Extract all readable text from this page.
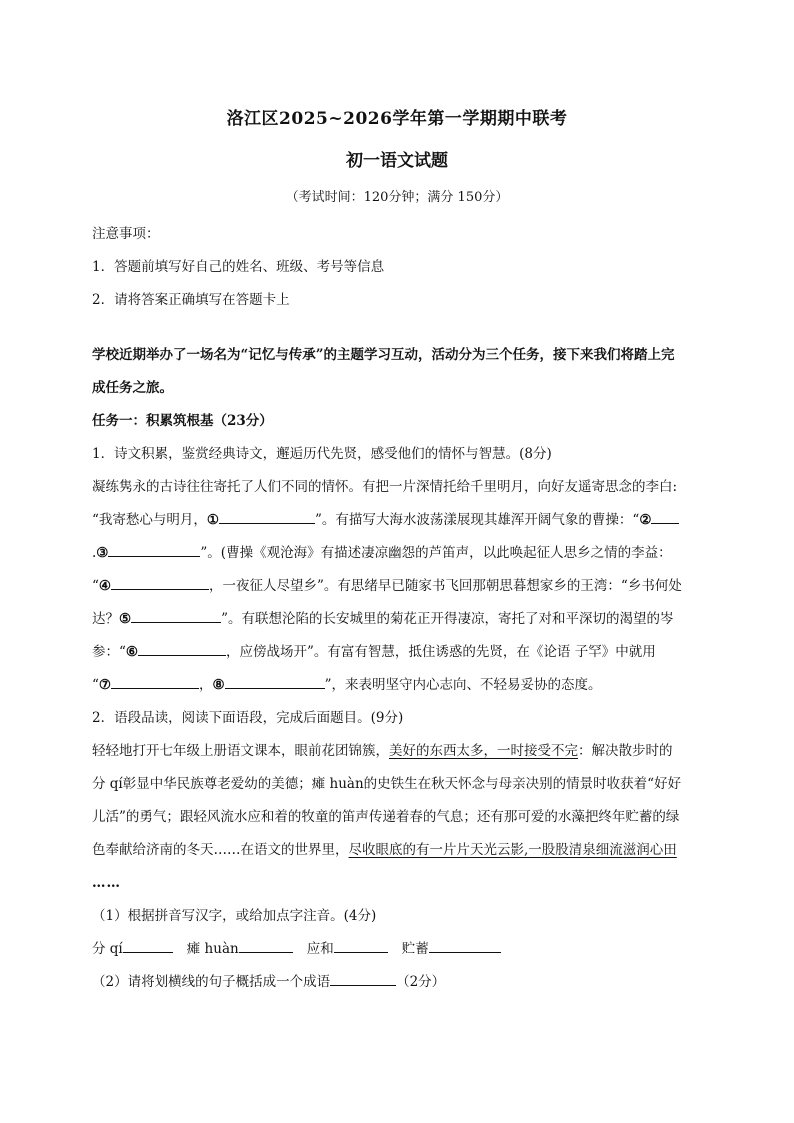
洛江区2025~2026学年第一学期期中联考
初一语文试题
（考试时间：120分钟；满分 150分）
注意事项：
1．答题前填写好自己的姓名、班级、考号等信息
2．请将答案正确填写在答题卡上
学校近期举办了一场名为“记忆与传承”的主题学习互动，活动分为三个任务，接下来我们将踏上完
成任务之旅。
任务一：积累筑根基（23分）
1．诗文积累，鉴赏经典诗文，邂逅历代先贤，感受他们的情怀与智慧。(8分)
凝练隽永的古诗往往寄托了人们不同的情怀。有把一片深情托给千里明月，向好友遥寄思念的李白:
“我寄愁心与明月，①	”。有描写大海水波荡漾展现其雄浑开阔气象的曹操：“②
.③	”。(曹操《观沧海》有描述凄凉幽怨的芦笛声，以此唤起征人思乡之情的李益：
“④	，一夜征人尽望乡”。有思绪早已随家书飞回那朝思暮想家乡的王湾：“乡书何处
达？⑤	”。有联想沦陷的长安城里的菊花正开得凄凉，寄托了对和平深切的渴望的岑
参：“⑥	，应傍战场开”。有富有智慧，抵住诱惑的先贤，在《论语 子罕》中就用
“⑦	，⑧	”，来表明坚守内心志向、不轻易妥协的态度。
2．语段品读，阅读下面语段，完成后面题目。(9分)
轻轻地打开七年级上册语文课本，眼前花团锦簇，美好的东西太多，一时接受不完：解决散步时的
分 qí彰显中华民族尊老爱幼的美德；瘫 huàn的史铁生在秋天怀念与母亲决别的情景时收获着“好好
儿活”的勇气；跟轻风流水应和着的牧童的笛声传递着春的气息；还有那可爱的水藻把终年贮蓄的绿
色奉献给济南的冬天……在语文的世界里，尽收眼底的有一片片天光云影,一股股清泉细流滋润心田
……
（1）根据拼音写汉字，或给加点字注音。(4分)
分 qí	瘫 huàn	应和	贮蓄
（2）请将划横线的句子概括成一个成语	（2分）
